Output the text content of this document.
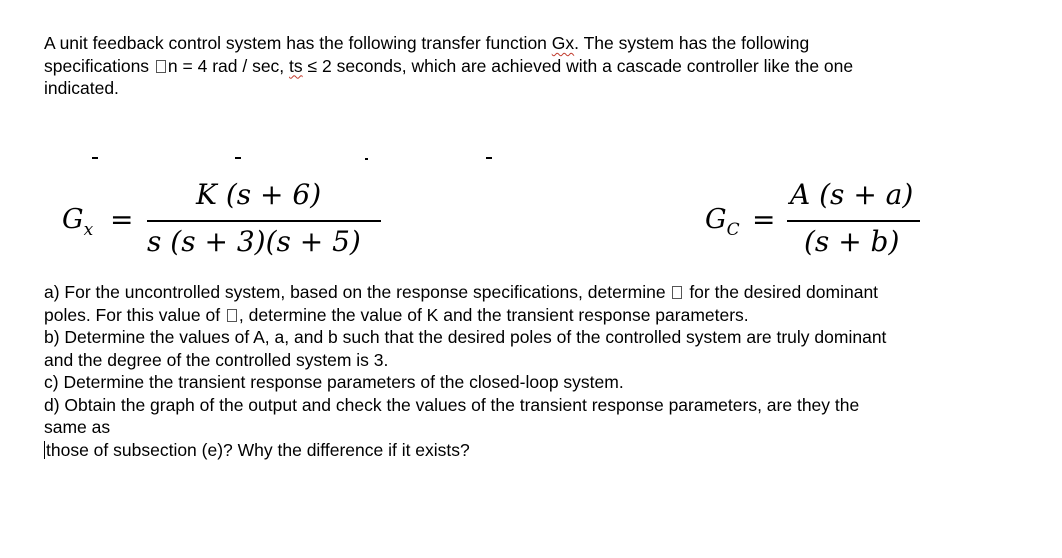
A unit feedback control system has the following transfer function Gx. The system has the following
specifications n = 4 rad / sec, ts ≤ 2 seconds, which are achieved with a cascade controller like the one
indicated.
$G_x$ =
K (s + 6)
s (s + 3)(s + 5)
$G_C$ =
A (s + a)
(s + b)
a) For the uncontrolled system, based on the response specifications, determine  for the desired dominant
poles. For this value of , determine the value of K and the transient response parameters.
b) Determine the values of A, a, and b such that the desired poles of the controlled system are truly dominant
and the degree of the controlled system is 3.
c) Determine the transient response parameters of the closed-loop system.
d) Obtain the graph of the output and check the values of the transient response parameters, are they the
same as
those of subsection (e)? Why the difference if it exists?
